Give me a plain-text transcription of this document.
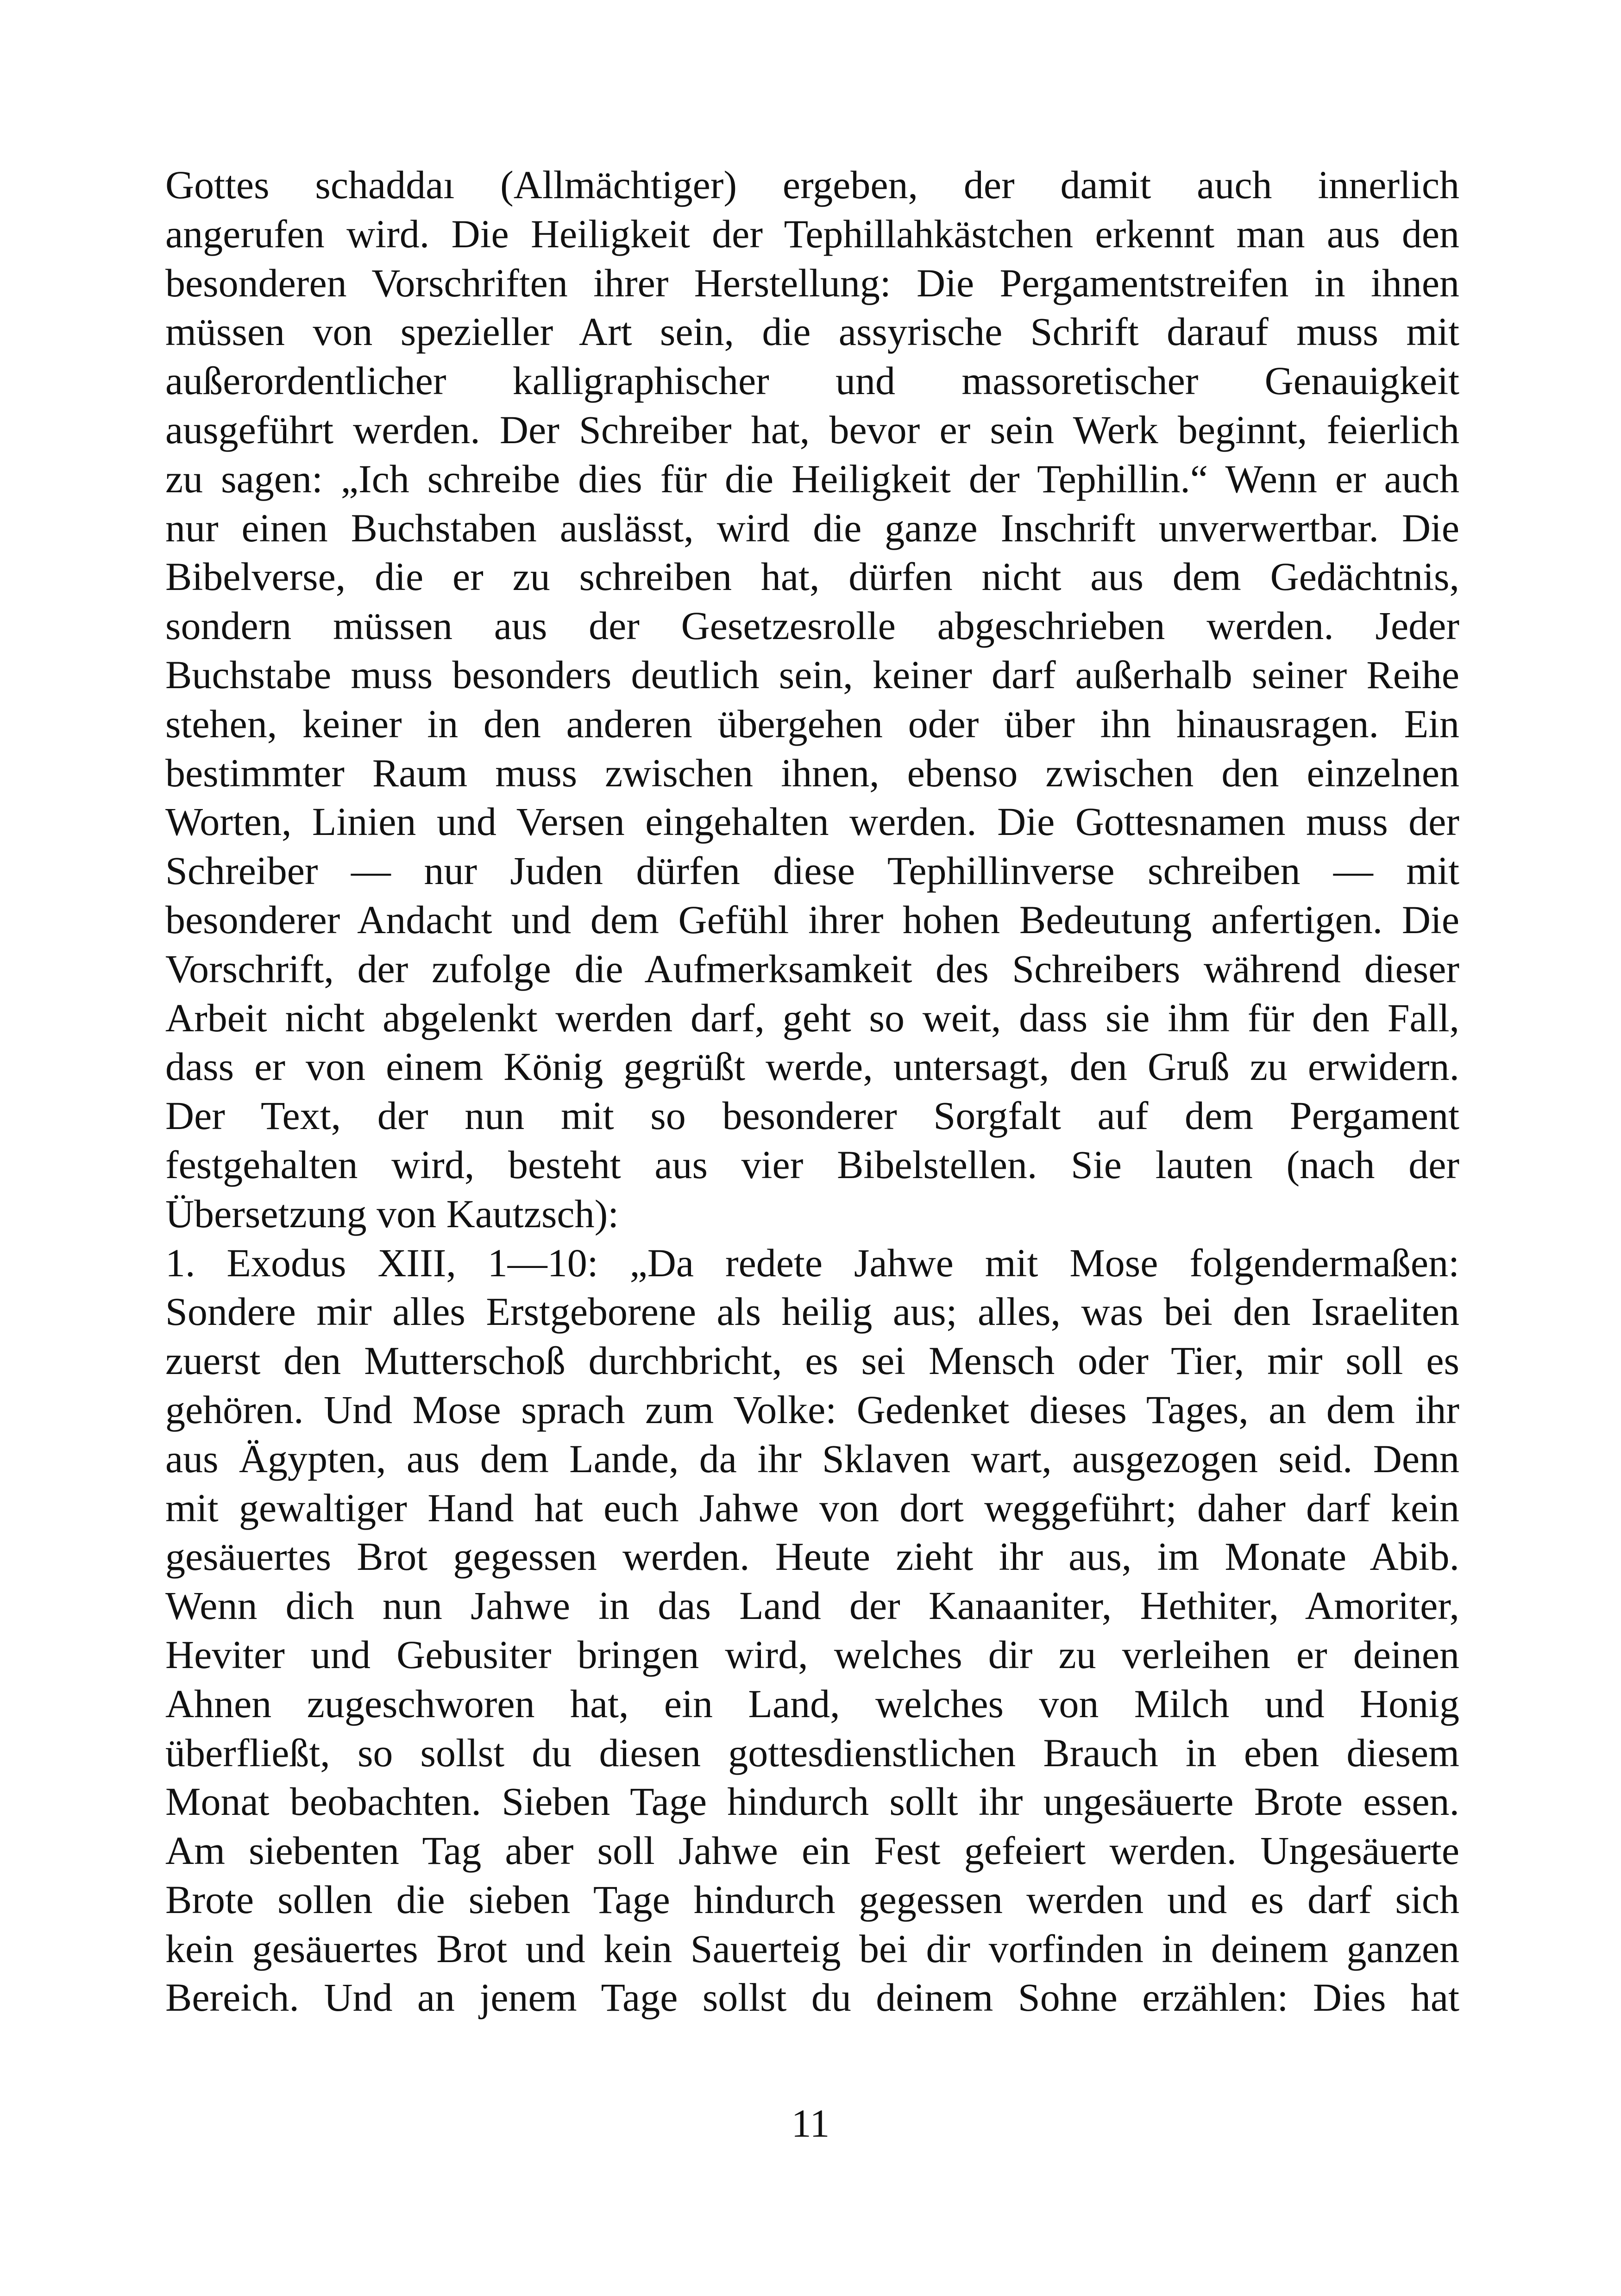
Gottes schaddaı (Allmächtiger) ergeben, der damit auch innerlich
angerufen wird. Die Heiligkeit der Tephillahkästchen erkennt man aus den
besonderen Vorschriften ihrer Herstellung: Die Pergamentstreifen in ihnen
müssen von spezieller Art sein, die assyrische Schrift darauf muss mit
außerordentlicher kalligraphischer und massoretischer Genauigkeit
ausgeführt werden. Der Schreiber hat, bevor er sein Werk beginnt, feierlich
zu sagen: „Ich schreibe dies für die Heiligkeit der Tephillin.“ Wenn er auch
nur einen Buchstaben auslässt, wird die ganze Inschrift unverwertbar. Die
Bibelverse, die er zu schreiben hat, dürfen nicht aus dem Gedächtnis,
sondern müssen aus der Gesetzesrolle abgeschrieben werden. Jeder
Buchstabe muss besonders deutlich sein, keiner darf außerhalb seiner Reihe
stehen, keiner in den anderen übergehen oder über ihn hinausragen. Ein
bestimmter Raum muss zwischen ihnen, ebenso zwischen den einzelnen
Worten, Linien und Versen eingehalten werden. Die Gottesnamen muss der
Schreiber — nur Juden dürfen diese Tephillinverse schreiben — mit
besonderer Andacht und dem Gefühl ihrer hohen Bedeutung anfertigen. Die
Vorschrift, der zufolge die Aufmerksamkeit des Schreibers während dieser
Arbeit nicht abgelenkt werden darf, geht so weit, dass sie ihm für den Fall,
dass er von einem König gegrüßt werde, untersagt, den Gruß zu erwidern.
Der Text, der nun mit so besonderer Sorgfalt auf dem Pergament
festgehalten wird, besteht aus vier Bibelstellen. Sie lauten (nach der
Übersetzung von Kautzsch):
1. Exodus XIII, 1—10: „Da redete Jahwe mit Mose folgendermaßen:
Sondere mir alles Erstgeborene als heilig aus; alles, was bei den Israeliten
zuerst den Mutterschoß durchbricht, es sei Mensch oder Tier, mir soll es
gehören. Und Mose sprach zum Volke: Gedenket dieses Tages, an dem ihr
aus Ägypten, aus dem Lande, da ihr Sklaven wart, ausgezogen seid. Denn
mit gewaltiger Hand hat euch Jahwe von dort weggeführt; daher darf kein
gesäuertes Brot gegessen werden. Heute zieht ihr aus, im Monate Abib.
Wenn dich nun Jahwe in das Land der Kanaaniter, Hethiter, Amoriter,
Heviter und Gebusiter bringen wird, welches dir zu verleihen er deinen
Ahnen zugeschworen hat, ein Land, welches von Milch und Honig
überfließt, so sollst du diesen gottesdienstlichen Brauch in eben diesem
Monat beobachten. Sieben Tage hindurch sollt ihr ungesäuerte Brote essen.
Am siebenten Tag aber soll Jahwe ein Fest gefeiert werden. Ungesäuerte
Brote sollen die sieben Tage hindurch gegessen werden und es darf sich
kein gesäuertes Brot und kein Sauerteig bei dir vorfinden in deinem ganzen
Bereich. Und an jenem Tage sollst du deinem Sohne erzählen: Dies hat
11
